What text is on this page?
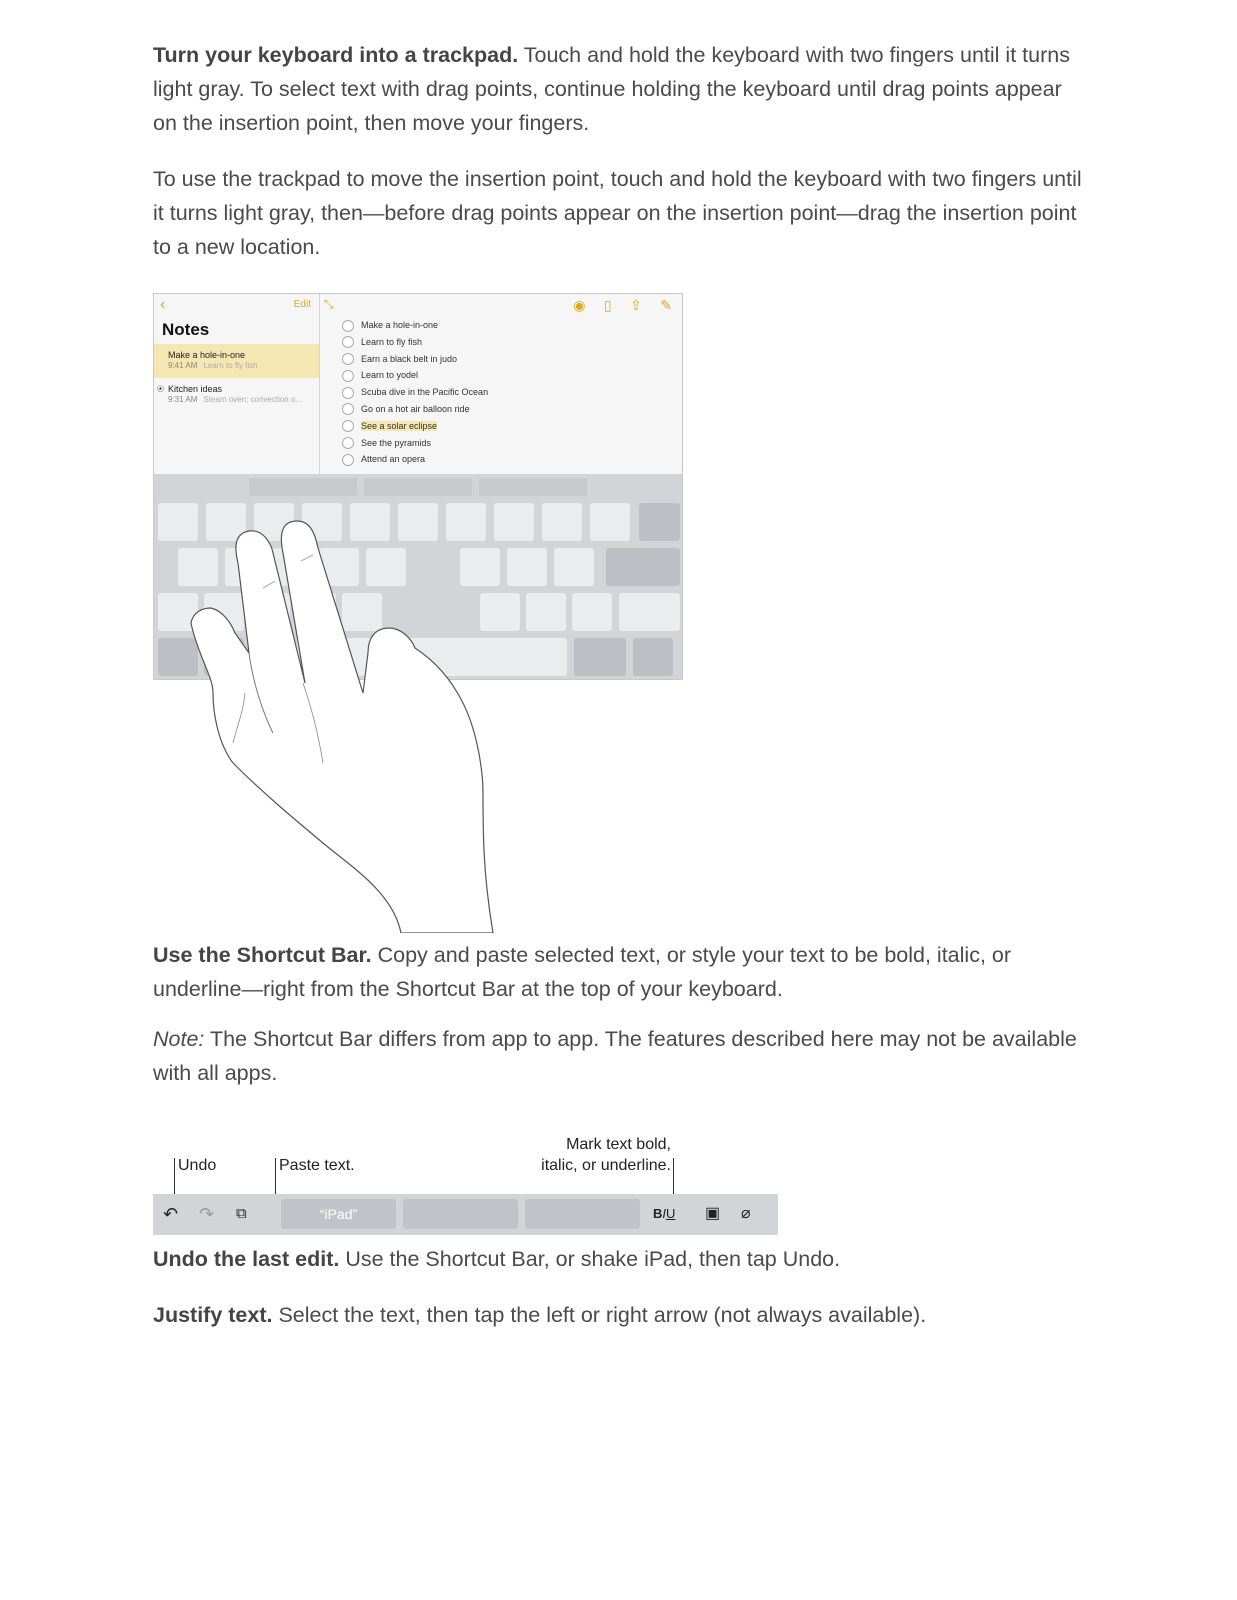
Turn your keyboard into a trackpad. Touch and hold the keyboard with two fingers until it turns light gray. To select text with drag points, continue holding the keyboard until drag points appear on the insertion point, then move your fingers.

To use the trackpad to move the insertion point, touch and hold the keyboard with two fingers until it turns light gray, then—before drag points appear on the insertion point—drag the insertion point to a new location.

‹	Edit
Notes
Make a hole-in-one
9:41 AM Learn to fly fish
⦿ Kitchen ideas
9:31 AM Steam oven; convection o...
⤡	◉ ▯ ⇪ ✎
Make a hole-in-one
Learn to fly fish
Earn a black belt in judo
Learn to yodel
Scuba dive in the Pacific Ocean
Go on a hot air balloon ride
See a solar eclipse
See the pyramids
Attend an opera

Use the Shortcut Bar. Copy and paste selected text, or style your text to be bold, italic, or underline—right from the Shortcut Bar at the top of your keyboard.

Note: The Shortcut Bar differs from app to app. The features described here may not be available with all apps.

Undo	Paste text.
Mark text bold,
italic, or underline.
↶ ↷ ⧉	“iPad”	BIU ▣ ⌀

Undo the last edit. Use the Shortcut Bar, or shake iPad, then tap Undo.

Justify text. Select the text, then tap the left or right arrow (not always available).
